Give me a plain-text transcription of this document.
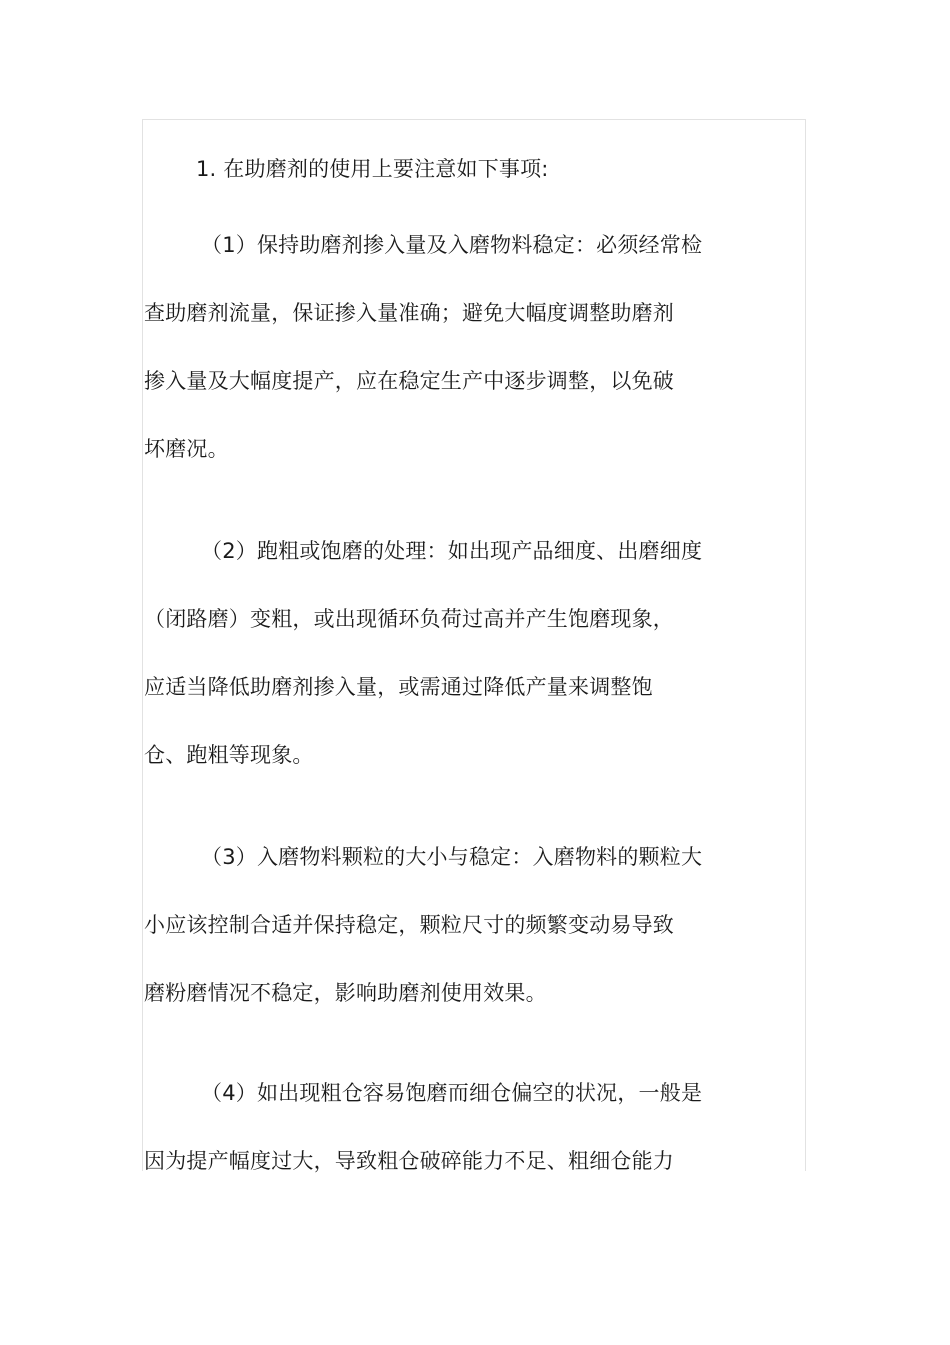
1. 在助磨剂的使用上要注意如下事项:
（1）保持助磨剂掺入量及入磨物料稳定：必须经常检
查助磨剂流量，保证掺入量准确；避免大幅度调整助磨剂
掺入量及大幅度提产，应在稳定生产中逐步调整，以免破
坏磨况。
（2）跑粗或饱磨的处理：如出现产品细度、出磨细度
（闭路磨）变粗，或出现循环负荷过高并产生饱磨现象，
应适当降低助磨剂掺入量，或需通过降低产量来调整饱
仓、跑粗等现象。
（3）入磨物料颗粒的大小与稳定：入磨物料的颗粒大
小应该控制合适并保持稳定，颗粒尺寸的频繁变动易导致
磨粉磨情况不稳定，影响助磨剂使用效果。
（4）如出现粗仓容易饱磨而细仓偏空的状况，一般是
因为提产幅度过大，导致粗仓破碎能力不足、粗细仓能力
